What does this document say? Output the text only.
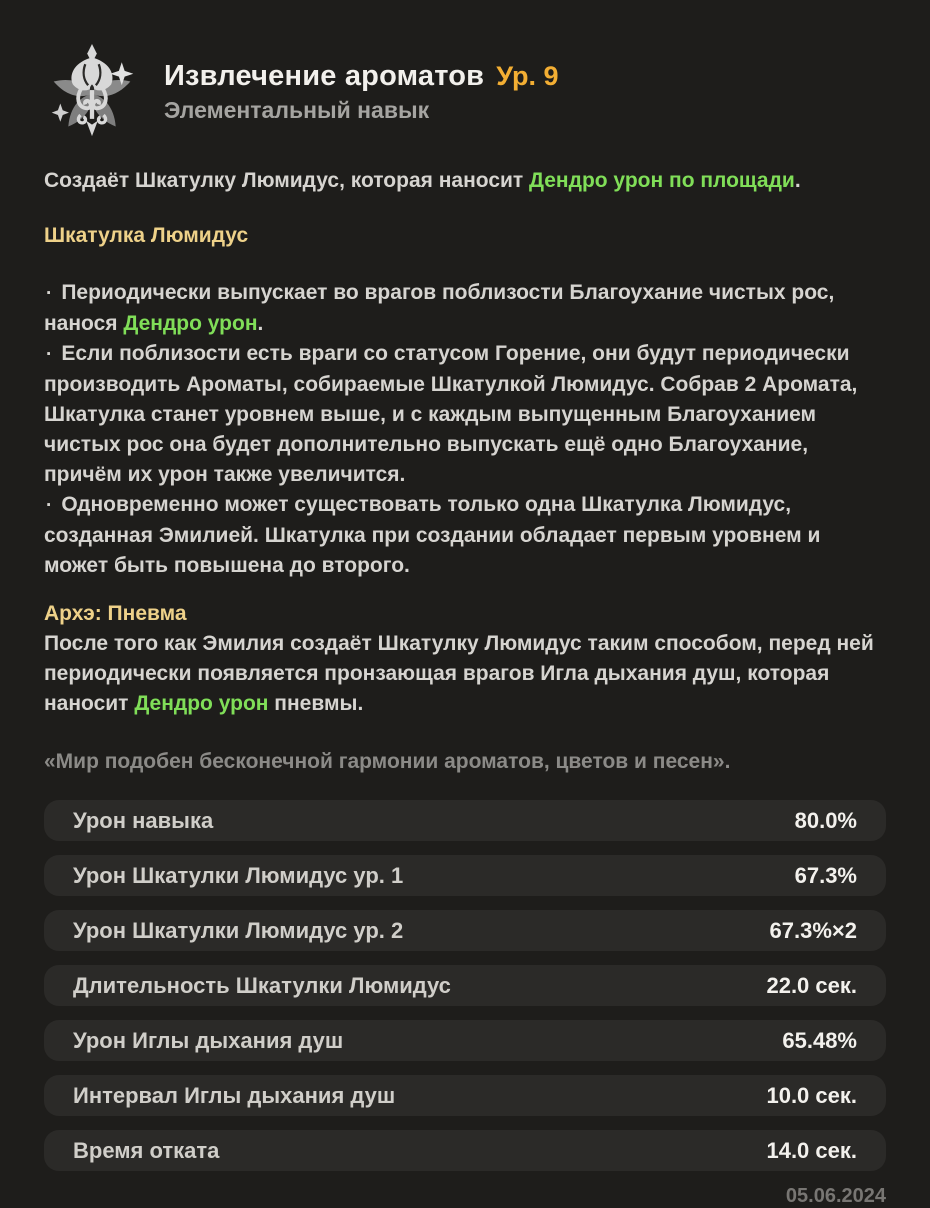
Извлечение ароматов Ур. 9
Элементальный навык

Создаёт Шкатулку Люмидус, которая наносит Дендро урон по площади.

Шкатулка Люмидус

· Периодически выпускает во врагов поблизости Благоухание чистых рос, нанося Дендро урон.

· Если поблизости есть враги со статусом Горение, они будут периодически производить Ароматы, собираемые Шкатулкой Люмидус. Собрав 2 Аромата, Шкатулка станет уровнем выше, и с каждым выпущенным Благоуханием чистых рос она будет дополнительно выпускать ещё одно Благоухание, причём их урон также увеличится.

· Одновременно может существовать только одна Шкатулка Люмидус, созданная Эмилией. Шкатулка при создании обладает первым уровнем и может быть повышена до второго.

Архэ: Пневма

После того как Эмилия создаёт Шкатулку Люмидус таким способом, перед ней периодически появляется пронзающая врагов Игла дыхания душ, которая наносит Дендро урон пневмы.

«Мир подобен бесконечной гармонии ароматов, цветов и песен».
Урон навыка	80.0%
Урон Шкатулки Люмидус ур. 1	67.3%
Урон Шкатулки Люмидус ур. 2	67.3%×2
Длительность Шкатулки Люмидус	22.0 сек.
Урон Иглы дыхания душ	65.48%
Интервал Иглы дыхания душ	10.0 сек.
Время отката	14.0 сек.
05.06.2024
